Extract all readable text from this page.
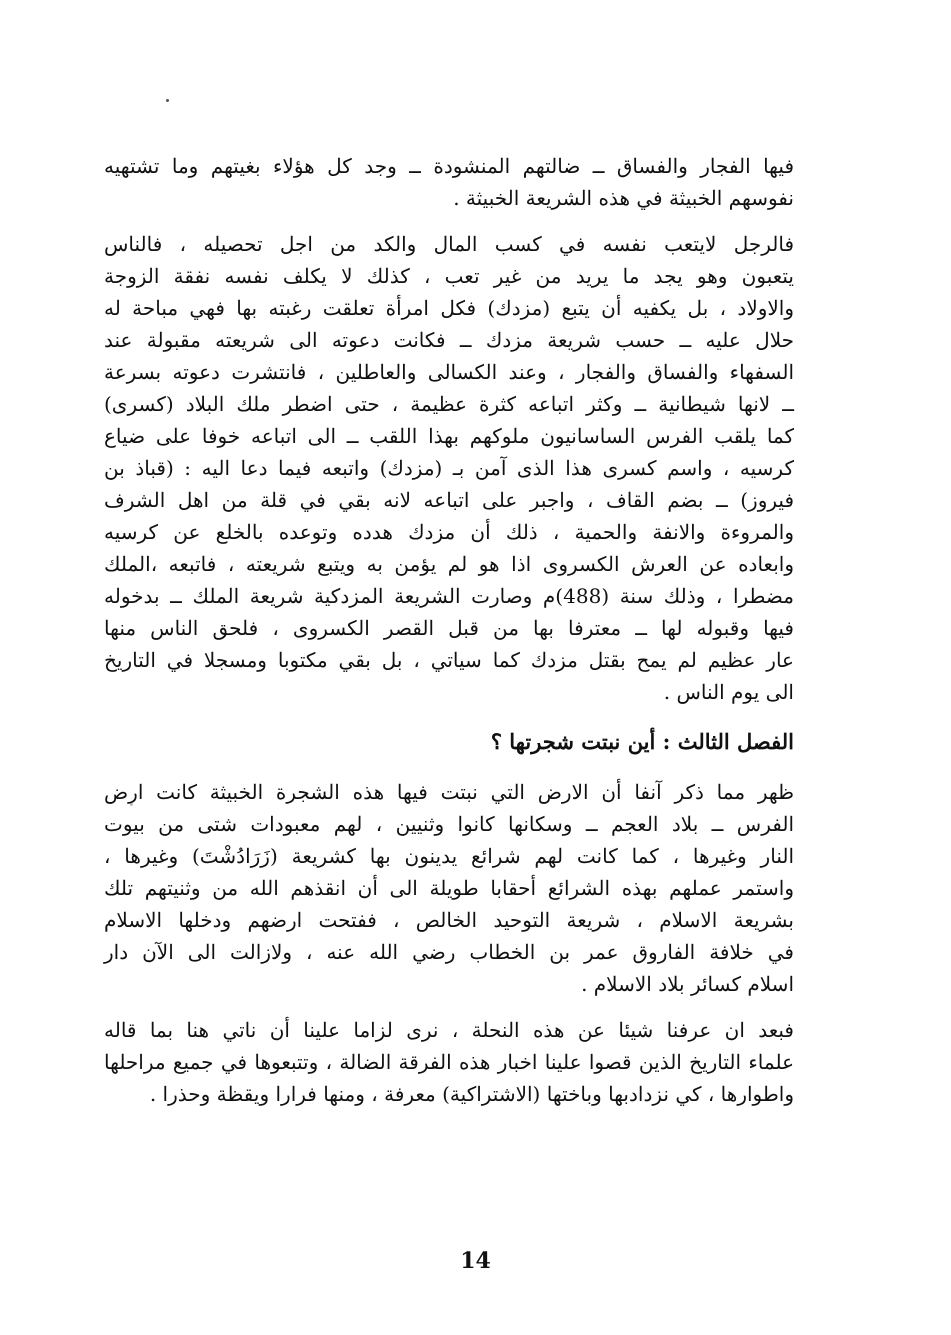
فيها الفجار والفساق ــ ضالتهم المنشودة ــ وجد كل هؤلاء بغيتهم وما تشتهيه
نفوسهم الخبيثة في هذه الشريعة الخبيثة .

فالرجل لايتعب نفسه في كسب المال والكد من اجل تحصيله ، فالناس
يتعبون وهو يجد ما يريد من غير تعب ، كذلك لا يكلف نفسه نفقة الزوجة
والاولاد ، بل يكفيه أن يتبع (مزدك) فكل امرأة تعلقت رغبته بها فهي مباحة له
حلال عليه ــ حسب شريعة مزدك ــ فكانت دعوته الى شريعته مقبولة عند
السفهاء والفساق والفجار ، وعند الكسالى والعاطلين ، فانتشرت دعوته بسرعة
ــ لانها شيطانية ــ وكثر اتباعه كثرة عظيمة ، حتى اضطر ملك البلاد (كسرى)
كما يلقب الفرس الساسانيون ملوكهم بهذا اللقب ــ الى اتباعه خوفا على ضياع
كرسيه ، واسم كسرى هذا الذى آمن بـ (مزدك) واتبعه فيما دعا اليه : (قباذ بن
فيروز) ــ بضم القاف ، واجبر على اتباعه لانه بقي في قلة من اهل الشرف
والمروءة والانفة والحمية ، ذلك أن مزدك هدده وتوعده بالخلع عن كرسيه
وابعاده عن العرش الكسروى اذا هو لم يؤمن به ويتبع شريعته ، فاتبعه ،الملك
مضطرا ، وذلك سنة (488)م وصارت الشريعة المزدكية شريعة الملك ــ بدخوله
فيها وقبوله لها ــ معترفا بها من قبل القصر الكسروى ، فلحق الناس منها
عار عظيم لم يمح بقتل مزدك كما سياتي ، بل بقي مكتوبا ومسجلا في التاريخ
الى يوم الناس .

الفصل الثالث : أين نبتت شجرتها ؟

ظهر مما ذكر آنفا أن الارض التي نبتت فيها هذه الشجرة الخبيثة كانت ارض
الفرس ــ بلاد العجم ــ وسكانها كانوا وثنيين ، لهم معبودات شتى من بيوت
النار وغيرها ، كما كانت لهم شرائع يدينون بها كشريعة (زَرَادُشْتَ) وغيرها ،
واستمر عملهم بهذه الشرائع أحقابا طويلة الى أن انقذهم الله من وثنيتهم تلك
بشريعة الاسلام ، شريعة التوحيد الخالص ، ففتحت ارضهم ودخلها الاسلام
في خلافة الفاروق عمر بن الخطاب رضي الله عنه ، ولازالت الى الآن دار
اسلام كسائر بلاد الاسلام .

فبعد ان عرفنا شيئا عن هذه النحلة ، نرى لزاما علينا أن ناتي هنا بما قاله
علماء التاريخ الذين قصوا علينا اخبار هذه الفرقة الضالة ، وتتبعوها في جميع مراحلها
واطوارها ، كي نزدادبها وباختها (الاشتراكية) معرفة ، ومنها فرارا ويقظة وحذرا .

14
